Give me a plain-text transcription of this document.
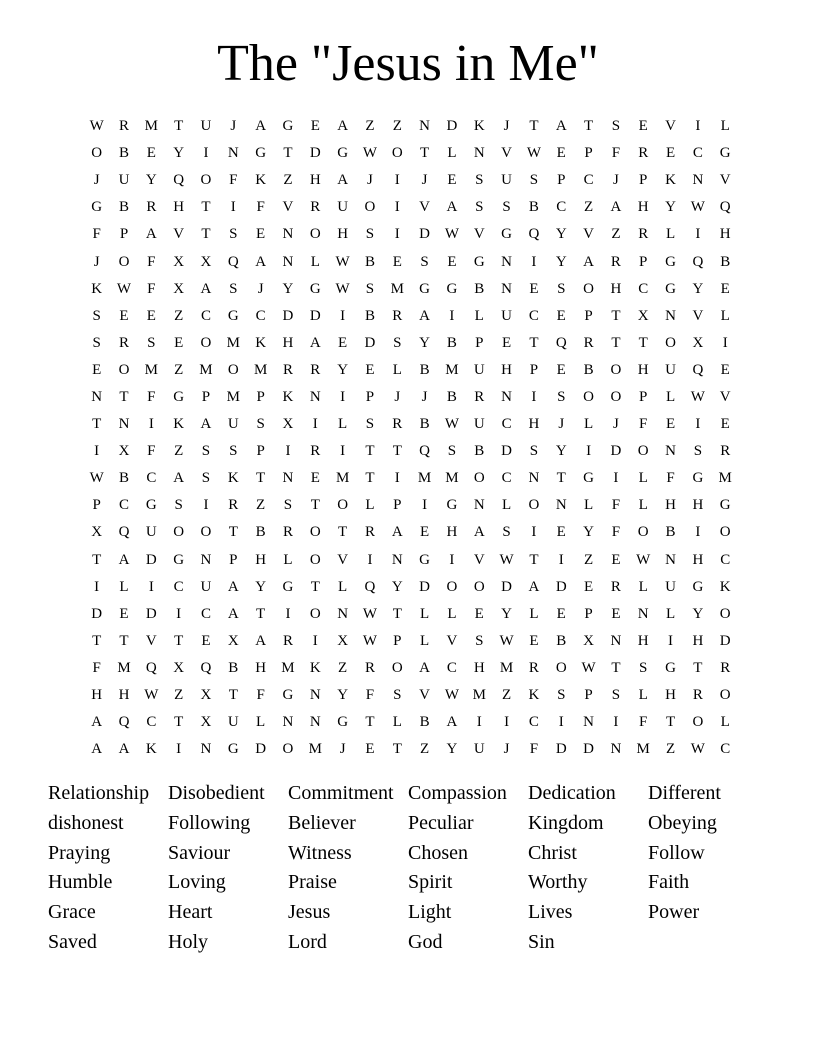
The "Jesus in Me"
W	R	M	T	U	J	A	G	E	A	Z	Z	N	D	K	J	T	A	T	S	E	V	I	L
O	B	E	Y	I	N	G	T	D	G W O	T	L	N	V W	E	P	F	R	E	C	G
J	U	Y	Q	O	F	K	Z	H	A	J	I	J	E	S	U	S	P	C	J	P	K	N	V
G	B	R	H	T	I	F	V	R	U	O	I	V	A	S	S	B	C	Z	A	H	Y W Q
F	P	A	V	T	S	E	N	O	H	S	I	D W V	G	Q	Y	V	Z	R	L	I	H
J	O	F	X	X	Q	A	N	L	W	B	E	S	E	G	N	I	Y	A	R	P	G	Q	B
K W	F	X	A	S	J	Y	G W	S	M	G	G	B	N	E	S	O	H	C	G	Y	E
S	E	E	Z	C	G	C	D	D	I	B	R	A	I	L	U	C	E	P	T	X	N	V	L
S	R	S	E	O	M	K	H	A	E	D	S	Y	B	P	E	T	Q	R	T	T	O	X	I
E	O	M	Z	M	O	M	R	R	Y	E	L	B	M	U	H	P	E	B	O	H	U	Q	E
N	T	F	G	P	M	P	K	N	I	P	J	J	B	R	N	I	S	O	O	P	L	W V
T	N	I	K	A	U	S	X	I	L	S	R	B	W U	C	H	J	L	J	F	E	I	E
I	X	F	Z	S	S	P	I	R	I	T	T	Q	S	B	D	S	Y	I	D	O	N	S	R
W	B	C	A	S	K	T	N	E	M	T	I	M M	O	C	N	T	G	I	L	F	G	M
P	C	G	S	I	R	Z	S	T	O	L	P	I	G	N	L	O	N	L	F	L	H	H	G
X	Q	U	O	O	T	B	R	O	T	R	A	E	H	A	S	I	E	Y	F	O	B	I	O
T	A	D	G	N	P	H	L	O	V	I	N	G	I	V W	T	I	Z	E	W N	H	C
I	L	I	C	U	A	Y	G	T	L	Q	Y	D	O	O	D	A	D	E	R	L	U	G	K
D	E	D	I	C	A	T	I	O	N W	T	L	L	E	Y	L	E	P	E	N	L	Y	O
T	T	V	T	E	X	A	R	I	X W	P	L	V	S	W	E	B	X	N	H	I	H	D
F	M	Q	X	Q	B	H	M	K	Z	R	O	A	C	H	M	R	O W	T	S	G	T	R
H	H W	Z	X	T	F	G	N	Y	F	S	V W M	Z	K	S	P	S	L	H	R	O
A	Q	C	T	X	U	L	N	N	G	T	L	B	A	I	I	C	I	N	I	F	T	O	L
A	A	K	I	N	G	D	O	M	J	E	T	Z	Y	U	J	F	D	D	N	M	Z	W	C
Relationship Disobedient	Commitment Compassion	Dedication	Different
dishonest	Following	Believer	Peculiar	Kingdom	Obeying
Praying	Saviour	Witness	Chosen	Christ	Follow
Humble	Loving	Praise	Spirit	Worthy	Faith
Grace	Heart	Jesus	Light	Lives	Power
Saved	Holy	Lord	God	Sin
